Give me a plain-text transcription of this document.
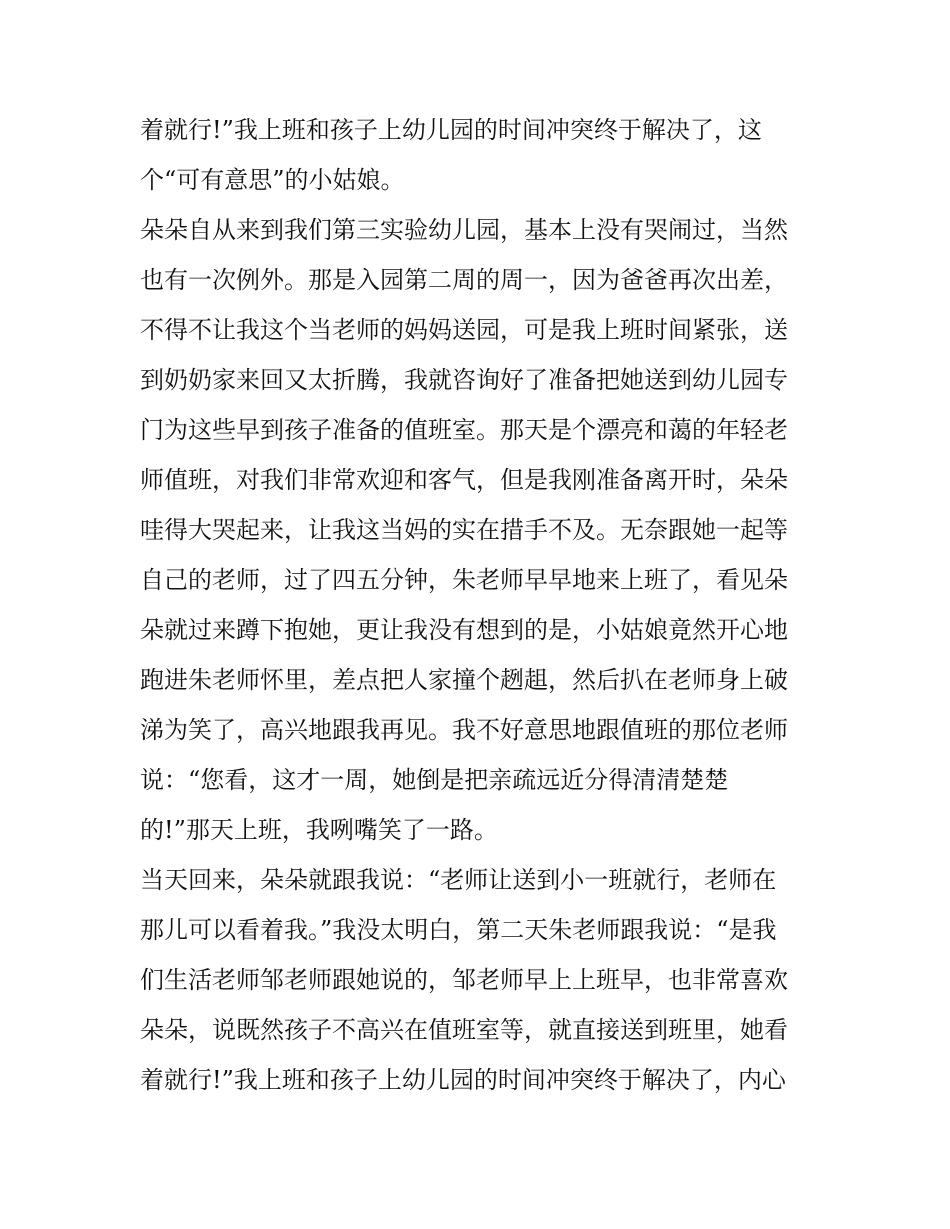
着就行!”我上班和孩子上幼儿园的时间冲突终于解决了，这
个“可有意思”的小姑娘。
朵朵自从来到我们第三实验幼儿园，基本上没有哭闹过，当然
也有一次例外。那是入园第二周的周一，因为爸爸再次出差，
不得不让我这个当老师的妈妈送园，可是我上班时间紧张，送
到奶奶家来回又太折腾，我就咨询好了准备把她送到幼儿园专
门为这些早到孩子准备的值班室。那天是个漂亮和蔼的年轻老
师值班，对我们非常欢迎和客气，但是我刚准备离开时，朵朵
哇得大哭起来，让我这当妈的实在措手不及。无奈跟她一起等
自己的老师，过了四五分钟，朱老师早早地来上班了，看见朵
朵就过来蹲下抱她，更让我没有想到的是，小姑娘竟然开心地
跑进朱老师怀里，差点把人家撞个趔趄，然后扒在老师身上破
涕为笑了，高兴地跟我再见。我不好意思地跟值班的那位老师
说：“您看，这才一周，她倒是把亲疏远近分得清清楚楚
的!”那天上班，我咧嘴笑了一路。
当天回来，朵朵就跟我说：“老师让送到小一班就行，老师在
那儿可以看着我。”我没太明白，第二天朱老师跟我说：“是我
们生活老师邹老师跟她说的，邹老师早上上班早，也非常喜欢
朵朵，说既然孩子不高兴在值班室等，就直接送到班里，她看
着就行!”我上班和孩子上幼儿园的时间冲突终于解决了，内心
